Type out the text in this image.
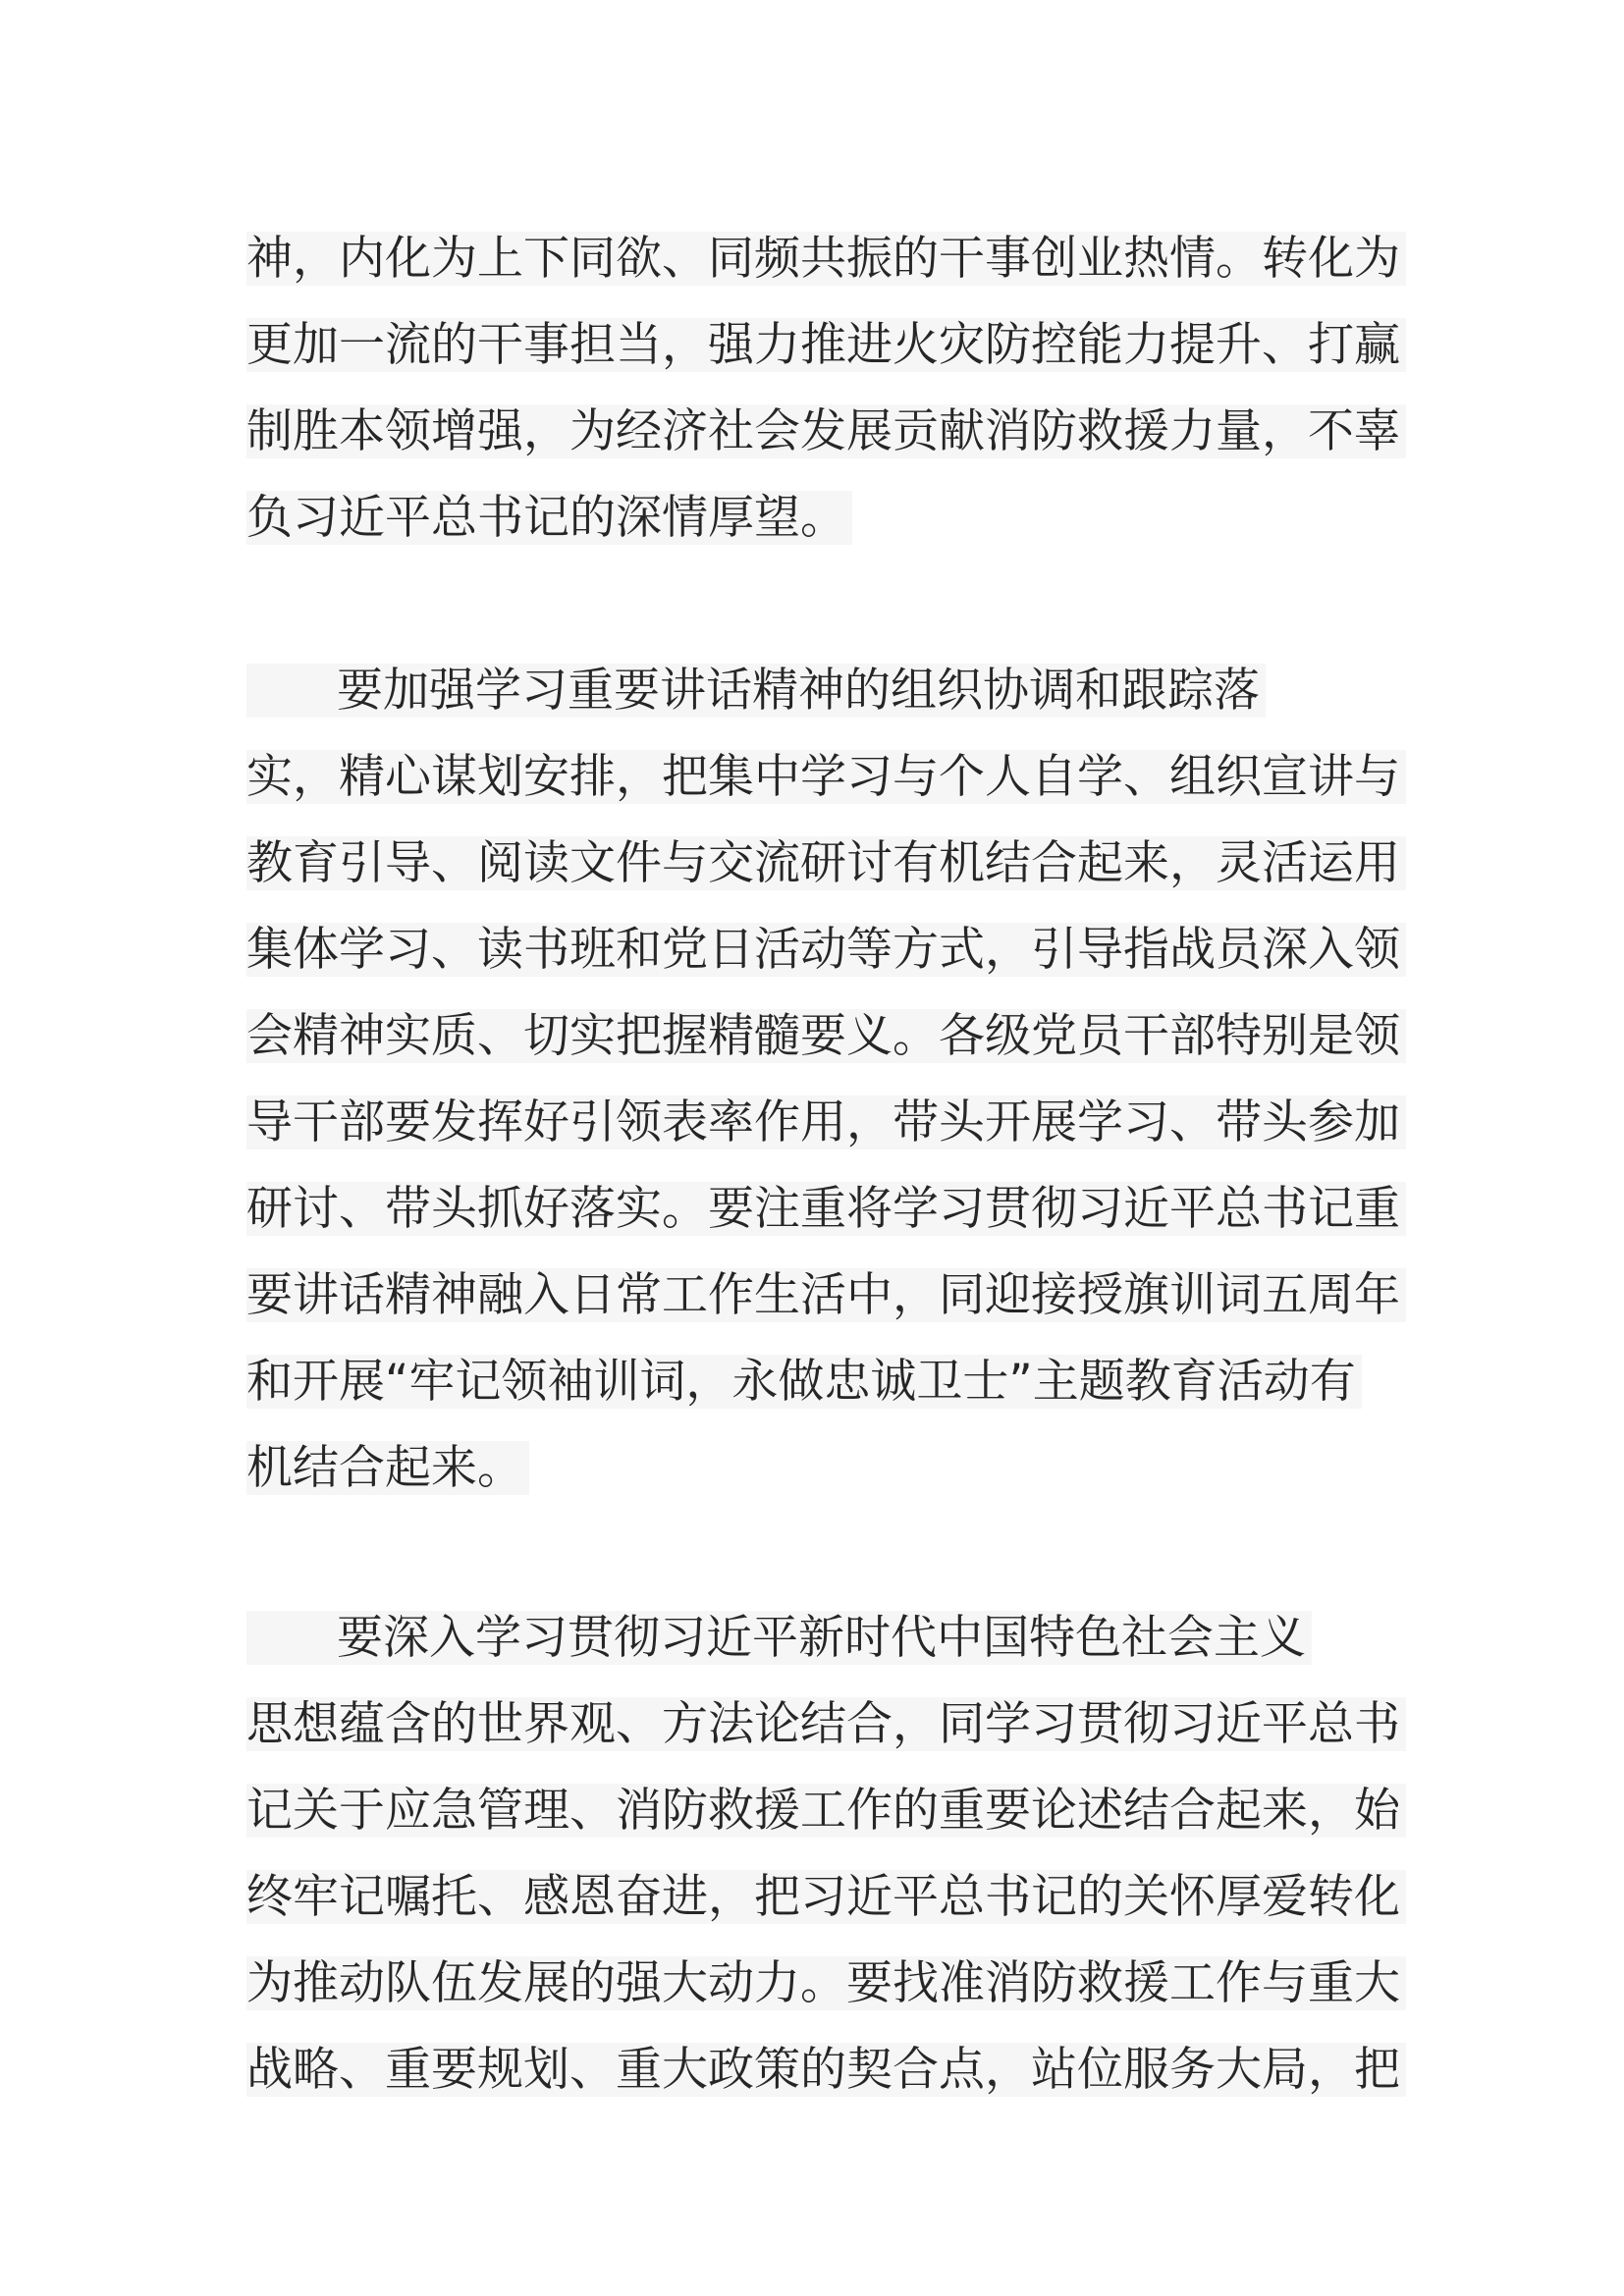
神，内化为上下同欲、同频共振的干事创业热情。转化为
更加一流的干事担当，强力推进火灾防控能力提升、打赢
制胜本领增强，为经济社会发展贡献消防救援力量，不辜
负习近平总书记的深情厚望。
要加强学习重要讲话精神的组织协调和跟踪落
实，精心谋划安排，把集中学习与个人自学、组织宣讲与
教育引导、阅读文件与交流研讨有机结合起来，灵活运用
集体学习、读书班和党日活动等方式，引导指战员深入领
会精神实质、切实把握精髓要义。各级党员干部特别是领
导干部要发挥好引领表率作用，带头开展学习、带头参加
研讨、带头抓好落实。要注重将学习贯彻习近平总书记重
要讲话精神融入日常工作生活中，同迎接授旗训词五周年
和开展“牢记领袖训词，永做忠诚卫士”主题教育活动有
机结合起来。
要深入学习贯彻习近平新时代中国特色社会主义
思想蕴含的世界观、方法论结合，同学习贯彻习近平总书
记关于应急管理、消防救援工作的重要论述结合起来，始
终牢记嘱托、感恩奋进，把习近平总书记的关怀厚爱转化
为推动队伍发展的强大动力。要找准消防救援工作与重大
战略、重要规划、重大政策的契合点，站位服务大局，把
